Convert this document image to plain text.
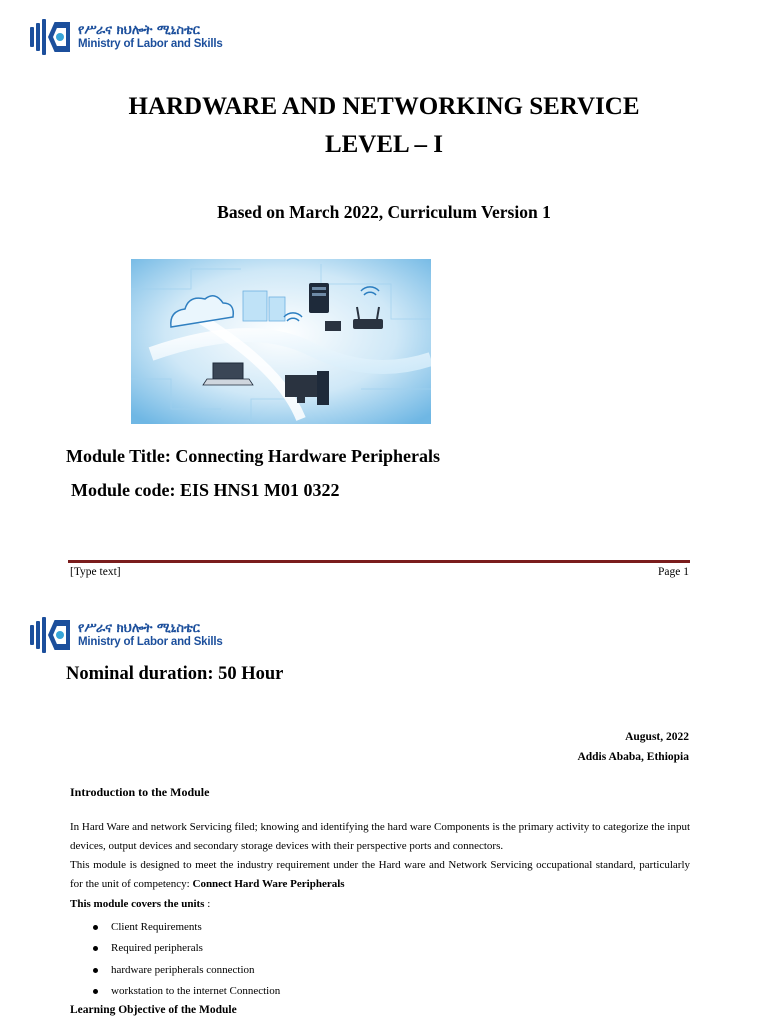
የሥራና ክህሎት ሚኒስቴር
Ministry of Labor and Skills
HARDWARE AND NETWORKING SERVICE
LEVEL – I
Based on March 2022, Curriculum Version 1
Module Title: Connecting Hardware Peripherals
Module code: EIS HNS1 M01 0322
[Type text]	Page 1
የሥራና ክህሎት ሚኒስቴር
Ministry of Labor and Skills
Nominal duration: 50 Hour
August, 2022
Addis Ababa, Ethiopia
Introduction to the Module
In Hard Ware and network Servicing filed; knowing and identifying the hard ware Components is the primary activity to categorize the input devices, output devices and secondary storage devices with their perspective ports and connectors.
This module is designed to meet the industry requirement under the Hard ware and Network Servicing occupational standard, particularly for the unit of competency: Connect Hard Ware Peripherals
This module covers the units :
Client Requirements
Required peripherals
hardware peripherals connection
workstation to the internet Connection
Learning Objective of the Module
